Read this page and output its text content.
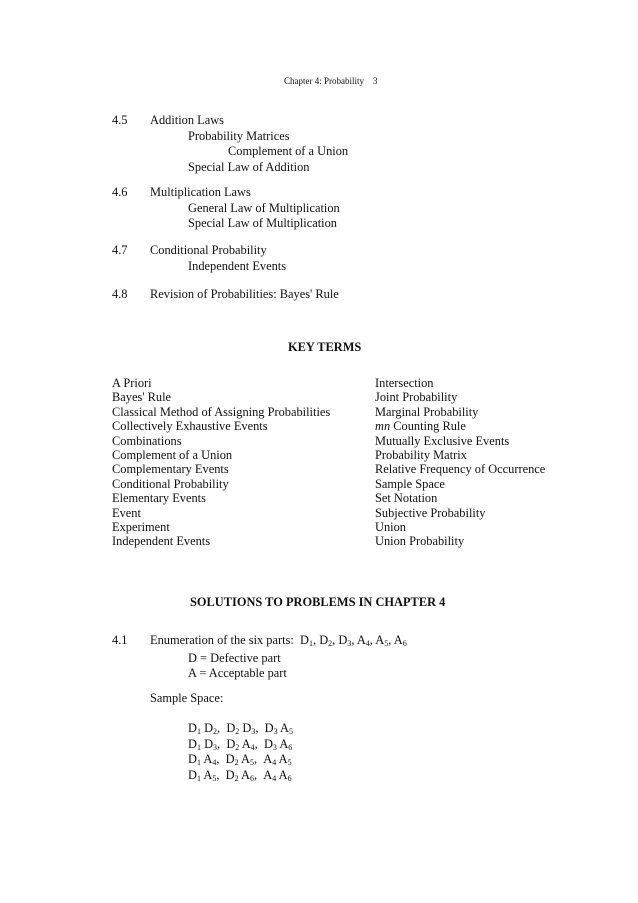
Chapter 4: Probability 3
4.5 Addition Laws
Probability Matrices
Complement of a Union
Special Law of Addition
4.6 Multiplication Laws
General Law of Multiplication
Special Law of Multiplication
4.7 Conditional Probability
Independent Events
4.8 Revision of Probabilities: Bayes' Rule
KEY TERMS
A Priori
Bayes' Rule
Classical Method of Assigning Probabilities
Collectively Exhaustive Events
Combinations
Complement of a Union
Complementary Events
Conditional Probability
Elementary Events
Event
Experiment
Independent Events
Intersection
Joint Probability
Marginal Probability
mn Counting Rule
Mutually Exclusive Events
Probability Matrix
Relative Frequency of Occurrence
Sample Space
Set Notation
Subjective Probability
Union
Union Probability
SOLUTIONS TO PROBLEMS IN CHAPTER 4
4.1 Enumeration of the six parts: $D_1$, $D_2$, $D_3$, $A_4$, $A_5$, $A_6$
D = Defective part
A = Acceptable part
Sample Space:
$D_1$ $D_2$,  $D_2$ $D_3$,  $D_3$ $A_5$
$D_1$ $D_3$,  $D_2$ $A_4$,  $D_3$ $A_6$
$D_1$ $A_4$,  $D_2$ $A_5$,  $A_4$ $A_5$
$D_1$ $A_5$,  $D_2$ $A_6$,  $A_4$ $A_6$
